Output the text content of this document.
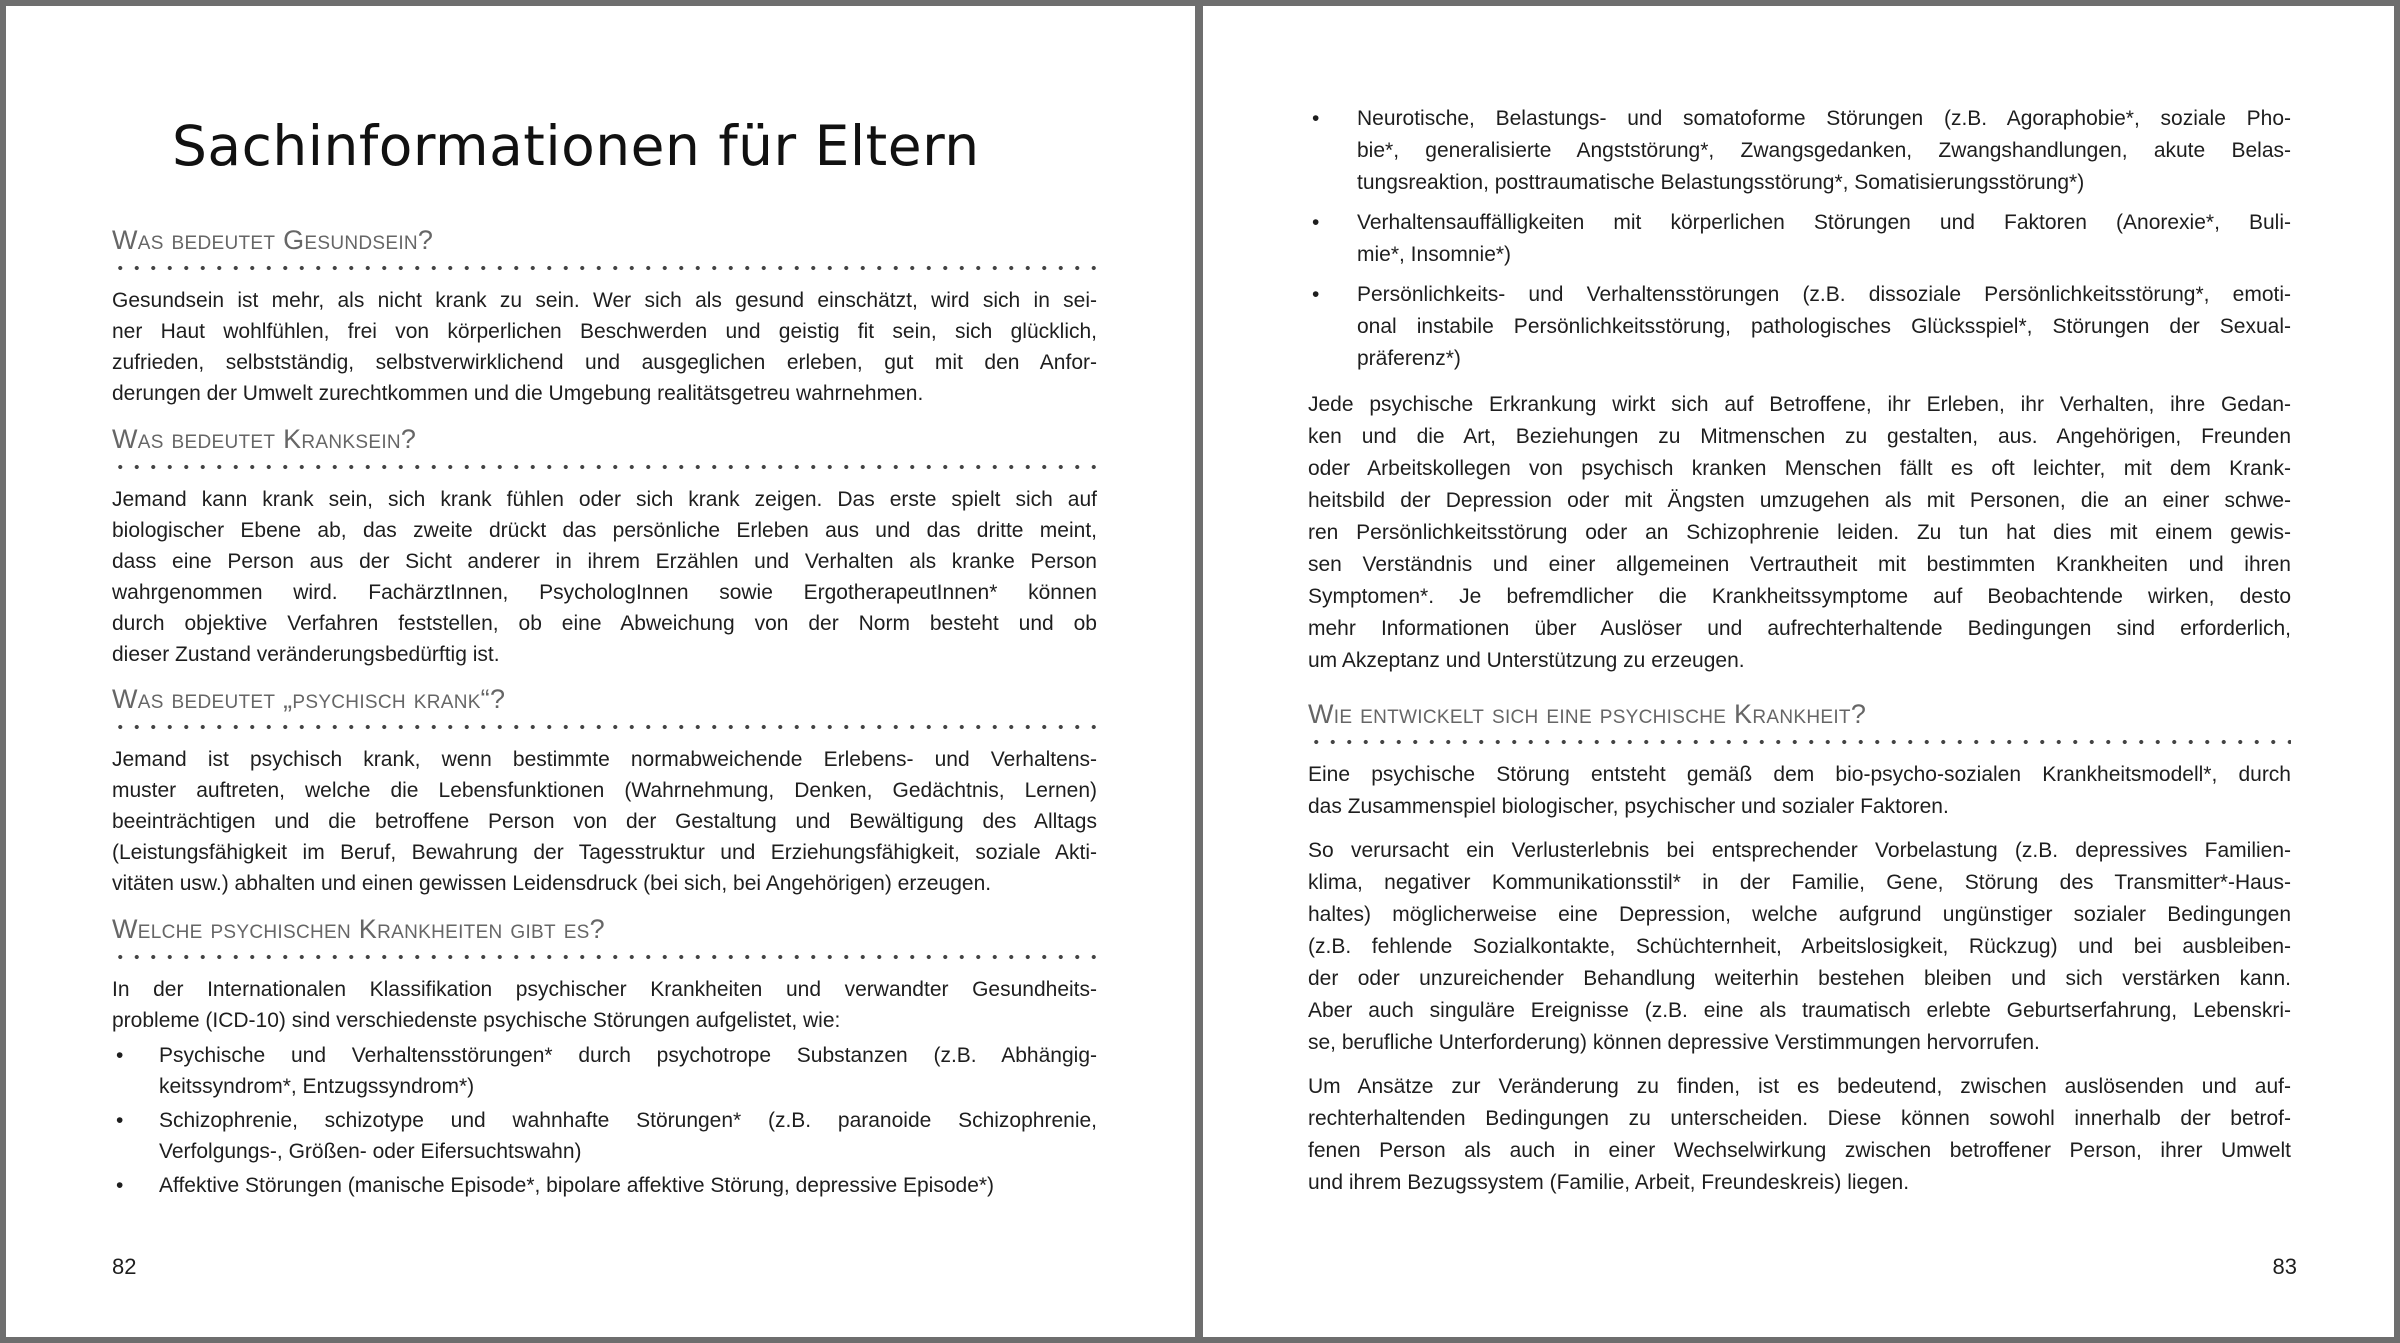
Sachinformationen für Eltern
Was bedeutet Gesundsein?
Gesundsein ist mehr, als nicht krank zu sein. Wer sich als gesund einschätzt, wird sich in sei-
ner Haut wohlfühlen, frei von körperlichen Beschwerden und geistig fit sein, sich glücklich,
zufrieden, selbstständig, selbstverwirklichend und ausgeglichen erleben, gut mit den Anfor-
derungen der Umwelt zurechtkommen und die Umgebung realitätsgetreu wahrnehmen.
Was bedeutet Kranksein?
Jemand kann krank sein, sich krank fühlen oder sich krank zeigen. Das erste spielt sich auf
biologischer Ebene ab, das zweite drückt das persönliche Erleben aus und das dritte meint,
dass eine Person aus der Sicht anderer in ihrem Erzählen und Verhalten als kranke Person
wahrgenommen wird. FachärztInnen, PsychologInnen sowie ErgotherapeutInnen* können
durch objektive Verfahren feststellen, ob eine Abweichung von der Norm besteht und ob
dieser Zustand veränderungsbedürftig ist.
Was bedeutet „psychisch krank“?
Jemand ist psychisch krank, wenn bestimmte normabweichende Erlebens- und Verhaltens-
muster auftreten, welche die Lebensfunktionen (Wahrnehmung, Denken, Gedächtnis, Lernen)
beeinträchtigen und die betroffene Person von der Gestaltung und Bewältigung des Alltags
(Leistungsfähigkeit im Beruf, Bewahrung der Tagesstruktur und Erziehungsfähigkeit, soziale Akti-
vitäten usw.) abhalten und einen gewissen Leidensdruck (bei sich, bei Angehörigen) erzeugen.
Welche psychischen Krankheiten gibt es?
In der Internationalen Klassifikation psychischer Krankheiten und verwandter Gesundheits-
probleme (ICD-10) sind verschiedenste psychische Störungen aufgelistet, wie:
• Psychische und Verhaltensstörungen* durch psychotrope Substanzen (z.B. Abhängig-
keitssyndrom*, Entzugssyndrom*)
• Schizophrenie, schizotype und wahnhafte Störungen* (z.B. paranoide Schizophrenie,
Verfolgungs-, Größen- oder Eifersuchtswahn)
• Affektive Störungen (manische Episode*, bipolare affektive Störung, depressive Episode*)
82
• Neurotische, Belastungs- und somatoforme Störungen (z.B. Agoraphobie*, soziale Pho-
bie*, generalisierte Angststörung*, Zwangsgedanken, Zwangshandlungen, akute Belas-
tungsreaktion, posttraumatische Belastungsstörung*, Somatisierungsstörung*)
• Verhaltensauffälligkeiten mit körperlichen Störungen und Faktoren (Anorexie*, Buli-
mie*, Insomnie*)
• Persönlichkeits- und Verhaltensstörungen (z.B. dissoziale Persönlichkeitsstörung*, emoti-
onal instabile Persönlichkeitsstörung, pathologisches Glücksspiel*, Störungen der Sexual-
präferenz*)
Jede psychische Erkrankung wirkt sich auf Betroffene, ihr Erleben, ihr Verhalten, ihre Gedan-
ken und die Art, Beziehungen zu Mitmenschen zu gestalten, aus. Angehörigen, Freunden
oder Arbeitskollegen von psychisch kranken Menschen fällt es oft leichter, mit dem Krank-
heitsbild der Depression oder mit Ängsten umzugehen als mit Personen, die an einer schwe-
ren Persönlichkeitsstörung oder an Schizophrenie leiden. Zu tun hat dies mit einem gewis-
sen Verständnis und einer allgemeinen Vertrautheit mit bestimmten Krankheiten und ihren
Symptomen*. Je befremdlicher die Krankheitssymptome auf Beobachtende wirken, desto
mehr Informationen über Auslöser und aufrechterhaltende Bedingungen sind erforderlich,
um Akzeptanz und Unterstützung zu erzeugen.
Wie entwickelt sich eine psychische Krankheit?
Eine psychische Störung entsteht gemäß dem bio-psycho-sozialen Krankheitsmodell*, durch
das Zusammenspiel biologischer, psychischer und sozialer Faktoren.
So verursacht ein Verlusterlebnis bei entsprechender Vorbelastung (z.B. depressives Familien-
klima, negativer Kommunikationsstil* in der Familie, Gene, Störung des Transmitter*-Haus-
haltes) möglicherweise eine Depression, welche aufgrund ungünstiger sozialer Bedingungen
(z.B. fehlende Sozialkontakte, Schüchternheit, Arbeitslosigkeit, Rückzug) und bei ausbleiben-
der oder unzureichender Behandlung weiterhin bestehen bleiben und sich verstärken kann.
Aber auch singuläre Ereignisse (z.B. eine als traumatisch erlebte Geburtserfahrung, Lebenskri-
se, berufliche Unterforderung) können depressive Verstimmungen hervorrufen.
Um Ansätze zur Veränderung zu finden, ist es bedeutend, zwischen auslösenden und auf-
rechterhaltenden Bedingungen zu unterscheiden. Diese können sowohl innerhalb der betrof-
fenen Person als auch in einer Wechselwirkung zwischen betroffener Person, ihrer Umwelt
und ihrem Bezugssystem (Familie, Arbeit, Freundeskreis) liegen.
83
